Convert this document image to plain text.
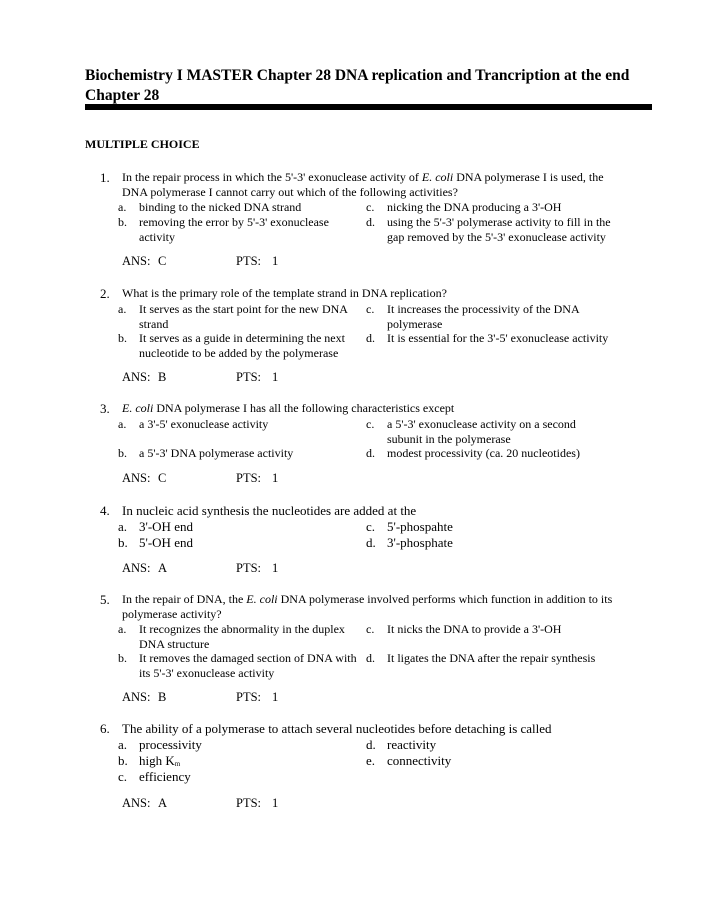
Biochemistry I MASTER Chapter 28 DNA replication and Trancription at the end Chapter 28
MULTIPLE CHOICE
1. In the repair process in which the 5'-3' exonuclease activity of E. coli DNA polymerase I is used, the DNA polymerase I cannot carry out which of the following activities?
a. binding to the nicked DNA strand
b. removing the error by 5'-3' exonuclease activity
c. nicking the DNA producing a 3'-OH
d. using the 5'-3' polymerase activity to fill in the gap removed by the 5'-3' exonuclease activity
ANS: C	PTS: 1
2. What is the primary role of the template strand in DNA replication?
a. It serves as the start point for the new DNA strand
b. It serves as a guide in determining the next nucleotide to be added by the polymerase
c. It increases the processivity of the DNA polymerase
d. It is essential for the 3'-5' exonuclease activity
ANS: B	PTS: 1
3. E. coli DNA polymerase I has all the following characteristics except
a. a 3'-5' exonuclease activity
b. a 5'-3' DNA polymerase activity
c. a 5'-3' exonuclease activity on a second subunit in the polymerase
d. modest processivity (ca. 20 nucleotides)
ANS: C	PTS: 1
4. In nucleic acid synthesis the nucleotides are added at the
a. 3'-OH end
b. 5'-OH end
c. 5'-phospahte
d. 3'-phosphate
ANS: A	PTS: 1
5. In the repair of DNA, the E. coli DNA polymerase involved performs which function in addition to its polymerase activity?
a. It recognizes the abnormality in the duplex DNA structure
b. It removes the damaged section of DNA with its 5'-3' exonuclease activity
c. It nicks the DNA to provide a 3'-OH
d. It ligates the DNA after the repair synthesis
ANS: B	PTS: 1
6. The ability of a polymerase to attach several nucleotides before detaching is called
a. processivity
b. high Km
c. efficiency
d. reactivity
e. connectivity
ANS: A	PTS: 1
